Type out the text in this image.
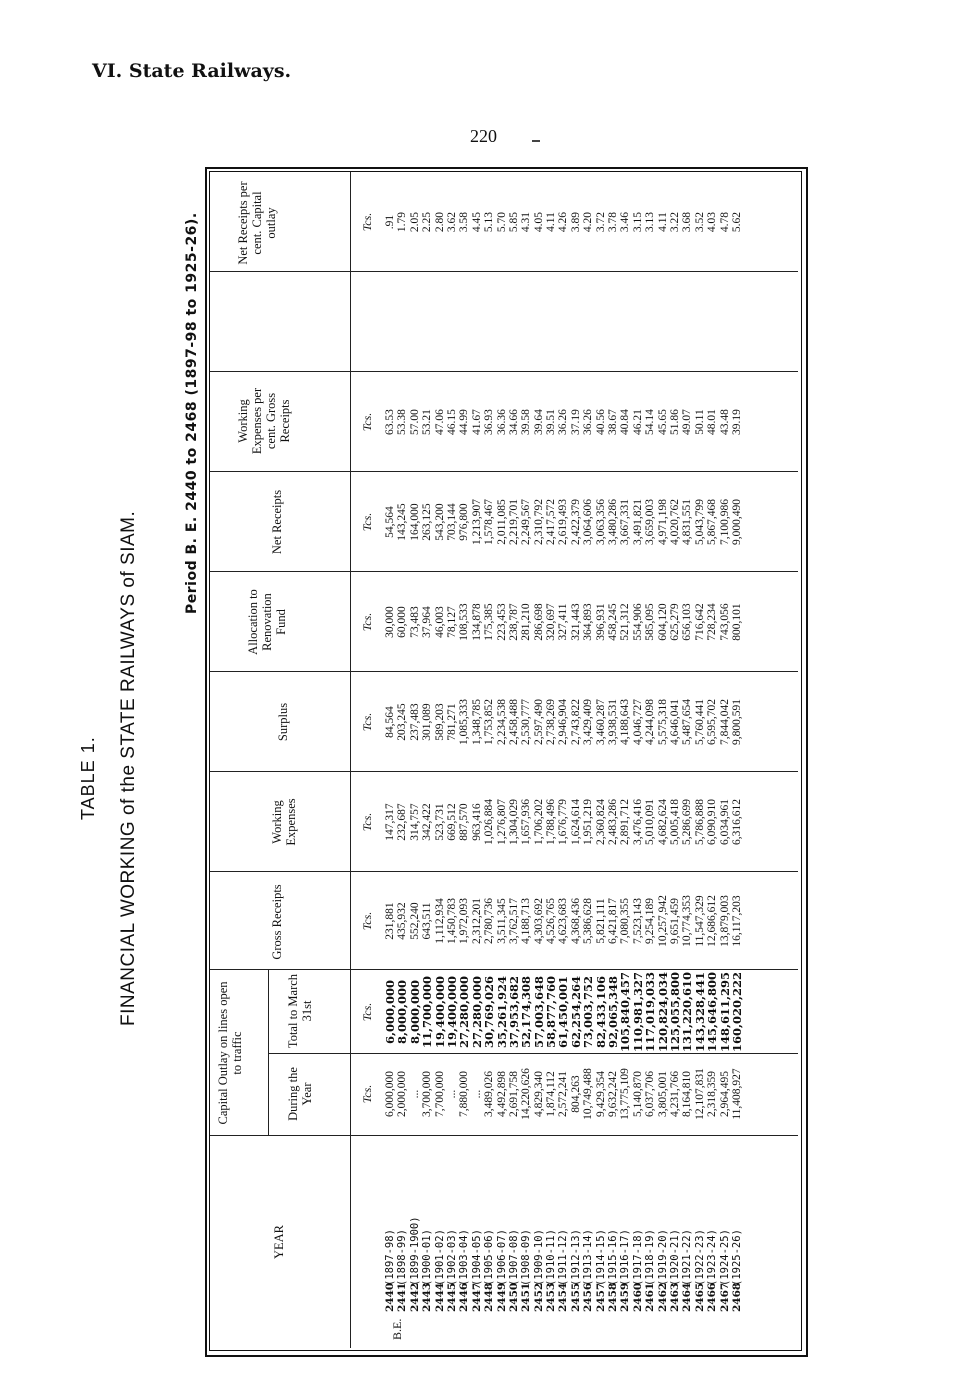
VI. State Railways.
220
TABLE 1. FINANCIAL WORKING of the STATE RAILWAYS of SIAM.
Period B. E. 2440 to 2468 (1897-98 to 1925-26).
YEAR
Capital Outlay on lines open to traffic
During the Year
Total to March 31st
Gross Receipts
Working Expenses
Surplus
Allocation to Renovation Fund
Net Receipts
Working Expenses per cent. Gross Receipts
Net Receipts per cent. Capital outlay
Tcs.
Tcs.
Tcs.
Tcs.
Tcs.
Tcs.
Tcs.
Tcs.
Tcs.
B.E.
2440(1897-98)
2441(1898-99)
2442(1899-1900)
2443(1900-01)
2444(1901-02)
2445(1902-03)
2446(1903-04)
2447(1904-05)
2448(1905-06)
2449(1906-07)
2450(1907-08)
2451(1908-09)
2452(1909-10)
2453(1910-11)
2454(1911-12)
2455(1912-13)
2456(1913-14)
2457(1914-15)
2458(1915-16)
2459(1916-17)
2460(1917-18)
2461(1918-19)
2462(1919-20)
2463(1920-21)
2464(1921-22)
2465(1922-23)
2466(1923-24)
2467(1924-25)
2468(1925-26)
6,000,000 2,000,000 ... 3,700,000 7,700,000 ... 7,880,000 ... 3,489,026 4,492,898 2,691,758 14,220,626 4,829,340 1,874,112 2,572,241 804,263 10,749,488 9,429,354 9,632,242 13,775,109 5,140,870 6,037,706 3,805,001 4,231,766 8,164,810 12,107,831 2,318,359 2,964,495 11,408,927
6,000,000
8,000,000
8,000,000
11,700,000
19,400,000
19,400,000
27,280,000
27,280,000
30,769,026
35,261,924
37,953,682
52,174,308
57,003,648
58,877,760
61,450,001
62,254,264
73,003,752
82,433,106
92,065,348
105,840,457
110,981,327
117,019,033
120,824,034
125,055,800
131,220,610
143,328,441
145,646,800
148,611,295
160,020,222
231,881 435,932 552,240 643,511 1,112,934 1,450,783 1,972,093 2,312,201 2,780,736 3,511,345 3,762,517 4,188,713 4,303,692 4,526,765 4,623,683 4,368,436 5,386,628 5,821,111 6,421,817 7,080,355 7,523,143 9,254,189 10,257,942 9,651,459 10,774,353 11,547,329 12,686,612 13,879,003 16,117,203
147,317 232,687 314,757 342,422 523,731 669,512 887,570 963,416 1,026,884 1,276,807 1,304,029 1,657,936 1,706,202 1,788,496 1,676,779 1,624,614 1,951,219 2,360,824 2,483,286 2,891,712 3,476,416 5,010,091 4,682,624 5,005,418 5,286,699 5,786,888 6,090,910 6,034,961 6,316,612
84,564 203,245 237,483 301,089 589,203 781,271 1,085,333 1,348,785 1,753,852 2,234,538 2,458,488 2,530,777 2,597,490 2,738,269 2,946,904 2,743,822 3,429,409 3,460,287 3,938,531 4,188,643 4,046,727 4,244,098 5,575,318 4,646,041 5,487,654 5,760,441 6,595,702 7,844,042 9,800,591
30,000 60,000 73,483 37,964 46,003 78,127 108,533 134,878 175,385 223,453 238,787 281,210 286,698 320,697 327,411 321,443 364,893 396,931 458,245 521,312 554,906 585,095 604,120 625,279 656,103 716,642 728,234 743,056 800,101
54,564 143,245 164,000 263,125 543,200 703,144 976,800 1,213,907 1,578,467 2,011,085 2,219,701 2,249,567 2,310,792 2,417,572 2,619,493 2,422,379 3,064,606 3,063,356 3,480,286 3,667,331 3,491,821 3,659,003 4,971,198 4,020,762 4,831,551 5,043,799 5,867,468 7,100,986 9,000,490
63.53 53.38 57.00 53.21 47.06 46.15 44.99 41.67 36.93 36.36 34.66 39.58 39.64 39.51 36.26 37.19 36.26 40.56 38.67 40.84 46.21 54.14 45.65 51.86 49.07 50.11 48.01 43.48 39.19
.91 1.79 2.05 2.25 2.80 3.62 3.58 4.45 5.13 5.70 5.85 4.31 4.05 4.11 4.26 3.89 4.20 3.72 3.78 3.46 3.15 3.13 4.11 3.22 3.68 3.52 4.03 4.78 5.62
